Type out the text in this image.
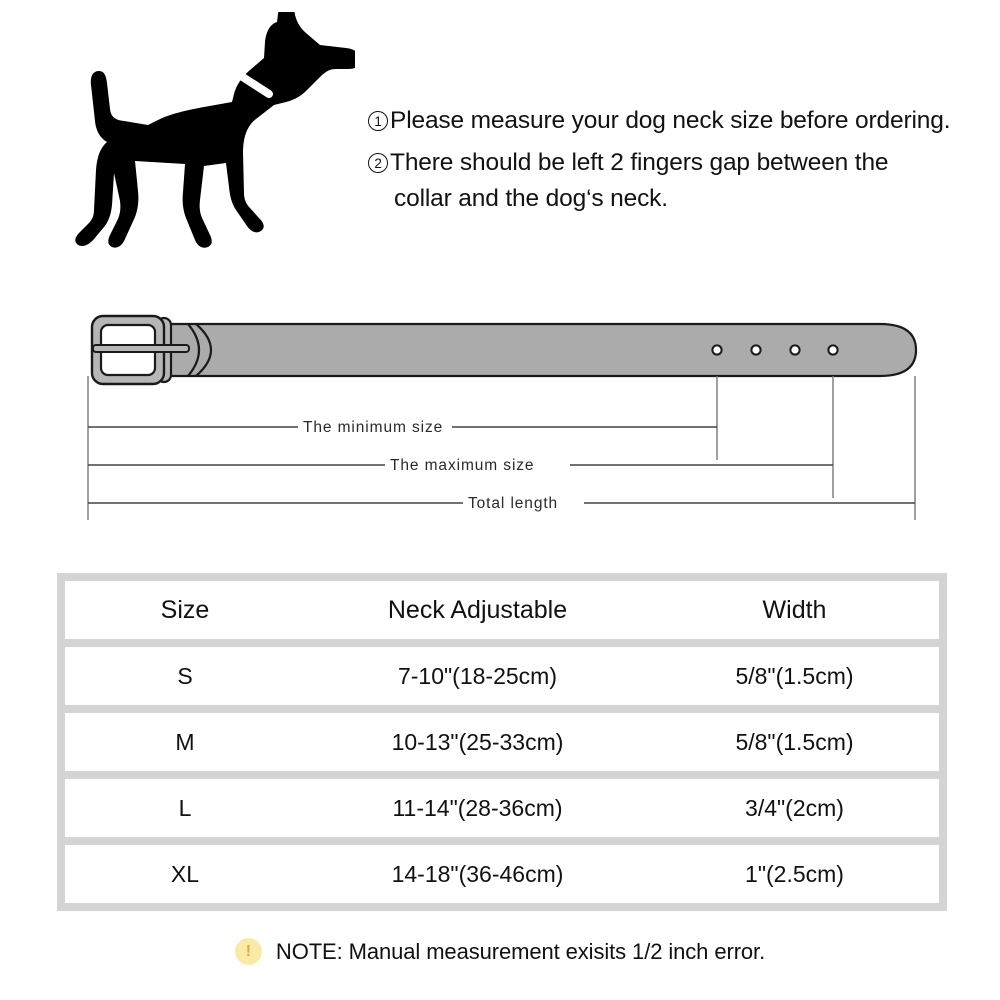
1 Please measure your dog neck size before ordering.
2 There should be left 2 fingers gap between the
collar and the dog‘s neck.
The minimum size
The maximum size
Total length
Size	Neck Adjustable	Width
S	7-10"(18-25cm)	5/8"(1.5cm)
M	10-13"(25-33cm)	5/8"(1.5cm)
L	11-14"(28-36cm)	3/4"(2cm)
XL	14-18"(36-46cm)	1"(2.5cm)
!	NOTE: Manual measurement exisits 1/2 inch error.
